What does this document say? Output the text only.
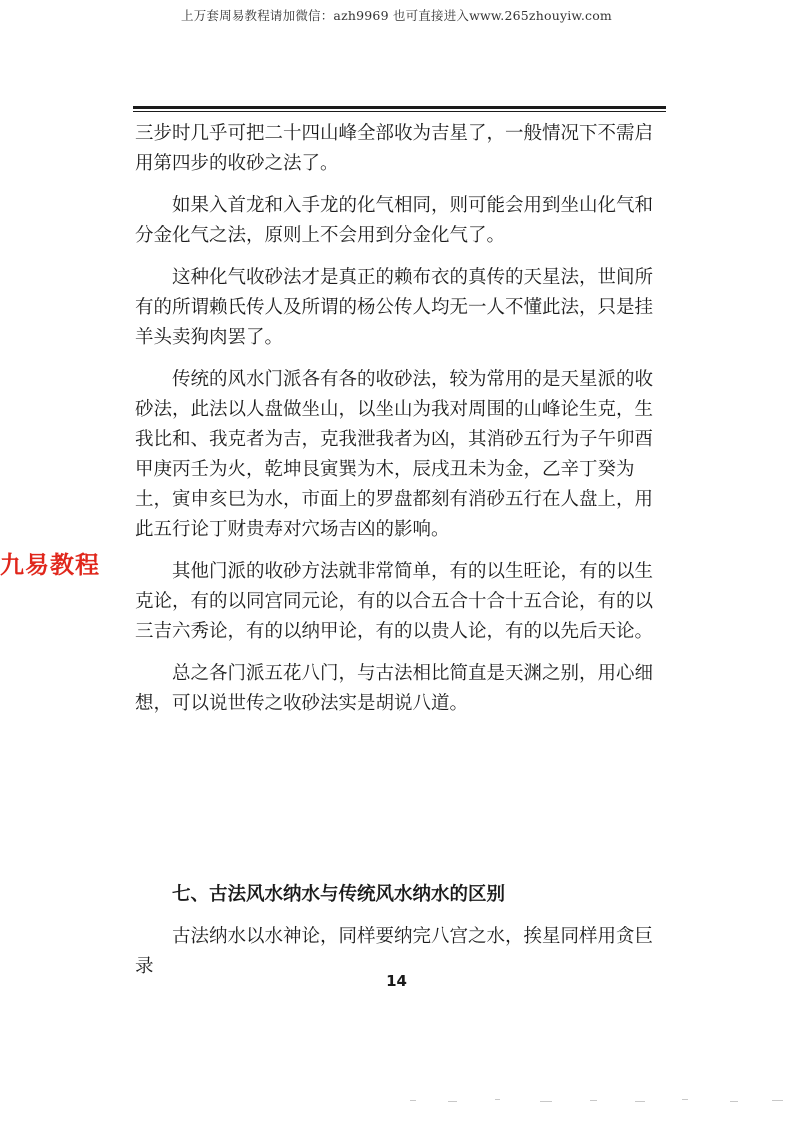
上万套周易教程请加微信：azh9969 也可直接进入www.265zhouyiw.com

三步时几乎可把二十四山峰全部收为吉星了，一般情况下不需启用第四步的收砂之法了。

如果入首龙和入手龙的化气相同，则可能会用到坐山化气和分金化气之法，原则上不会用到分金化气了。

这种化气收砂法才是真正的赖布衣的真传的天星法，世间所有的所谓赖氏传人及所谓的杨公传人均无一人不懂此法，只是挂羊头卖狗肉罢了。

传统的风水门派各有各的收砂法，较为常用的是天星派的收砂法，此法以人盘做坐山，以坐山为我对周围的山峰论生克，生我比和、我克者为吉，克我泄我者为凶，其消砂五行为子午卯酉甲庚丙壬为火，乾坤艮寅巽为木，辰戌丑未为金，乙辛丁癸为土，寅申亥巳为水，市面上的罗盘都刻有消砂五行在人盘上，用此五行论丁财贵寿对穴场吉凶的影响。

其他门派的收砂方法就非常简单，有的以生旺论，有的以生克论，有的以同宫同元论，有的以合五合十合十五合论，有的以三吉六秀论，有的以纳甲论，有的以贵人论，有的以先后天论。

总之各门派五花八门，与古法相比简直是天渊之别，用心细想，可以说世传之收砂法实是胡说八道。

七、古法风水纳水与传统风水纳水的区别

古法纳水以水神论，同样要纳完八宫之水，挨星同样用贪巨录

14
九易教程
